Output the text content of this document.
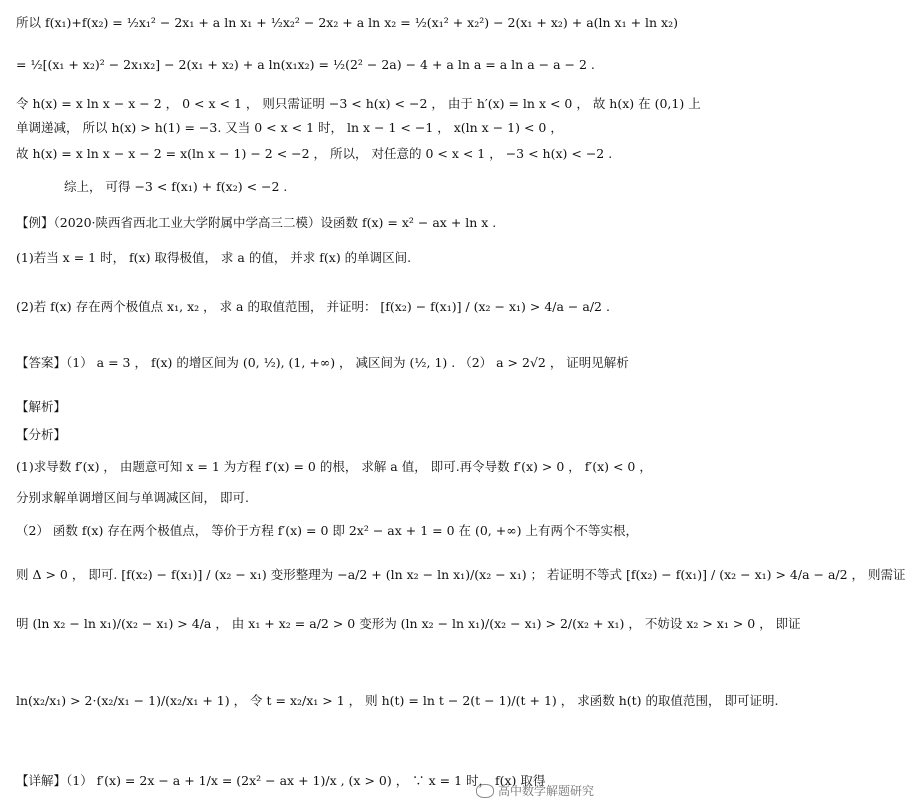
所以 f(x₁)+f(x₂) = ½x₁² − 2x₁ + a ln x₁ + ½x₂² − 2x₂ + a ln x₂ = ½(x₁² + x₂²) − 2(x₁ + x₂) + a(ln x₁ + ln x₂)
= ½[(x₁ + x₂)² − 2x₁x₂] − 2(x₁ + x₂) + a ln(x₁x₂) = ½(2² − 2a) − 4 + a ln a = a ln a − a − 2 .
令 h(x) = x ln x − x − 2 ， 0 < x < 1 ， 则只需证明 −3 < h(x) < −2 ， 由于 h′(x) = ln x < 0 ， 故 h(x) 在 (0,1) 上
单调递减， 所以 h(x) > h(1) = −3. 又当 0 < x < 1 时， ln x − 1 < −1 ， x(ln x − 1) < 0 ，
故 h(x) = x ln x − x − 2 = x(ln x − 1) − 2 < −2 ， 所以， 对任意的 0 < x < 1 ， −3 < h(x) < −2 .
综上， 可得 −3 < f(x₁) + f(x₂) < −2 .
【例】（2020·陕西省西北工业大学附属中学高三二模）设函数 f(x) = x² − ax + ln x .
(1)若当 x = 1 时， f(x) 取得极值， 求 a 的值， 并求 f(x) 的单调区间.
(2)若 f(x) 存在两个极值点 x₁, x₂ ， 求 a 的取值范围， 并证明： [f(x₂) − f(x₁)] / (x₂ − x₁) > 4/a − a/2 .
【答案】（1） a = 3 ， f(x) 的增区间为 (0, ½), (1, +∞) ， 减区间为 (½, 1) . （2） a > 2√2 ， 证明见解析
【解析】
【分析】
(1)求导数 f′(x) ， 由题意可知 x = 1 为方程 f′(x) = 0 的根， 求解 a 值， 即可.再令导数 f′(x) > 0 ， f′(x) < 0 ，
分别求解单调增区间与单调减区间， 即可.
（2） 函数 f(x) 存在两个极值点， 等价于方程 f′(x) = 0 即 2x² − ax + 1 = 0 在 (0, +∞) 上有两个不等实根，
则 Δ > 0 ， 即可. [f(x₂) − f(x₁)] / (x₂ − x₁) 变形整理为 −a/2 + (ln x₂ − ln x₁)/(x₂ − x₁) ； 若证明不等式 [f(x₂) − f(x₁)] / (x₂ − x₁) > 4/a − a/2 ， 则需证
明 (ln x₂ − ln x₁)/(x₂ − x₁) > 4/a ， 由 x₁ + x₂ = a/2 > 0 变形为 (ln x₂ − ln x₁)/(x₂ − x₁) > 2/(x₂ + x₁) ， 不妨设 x₂ > x₁ > 0 ， 即证
ln(x₂/x₁) > 2·(x₂/x₁ − 1)/(x₂/x₁ + 1) ， 令 t = x₂/x₁ > 1 ， 则 h(t) = ln t − 2(t − 1)/(t + 1) ， 求函数 h(t) 的取值范围， 即可证明.
【详解】（1） f′(x) = 2x − a + 1/x = (2x² − ax + 1)/x , (x > 0) ， ∵ x = 1 时， f(x) 取得
高中数学解题研究
